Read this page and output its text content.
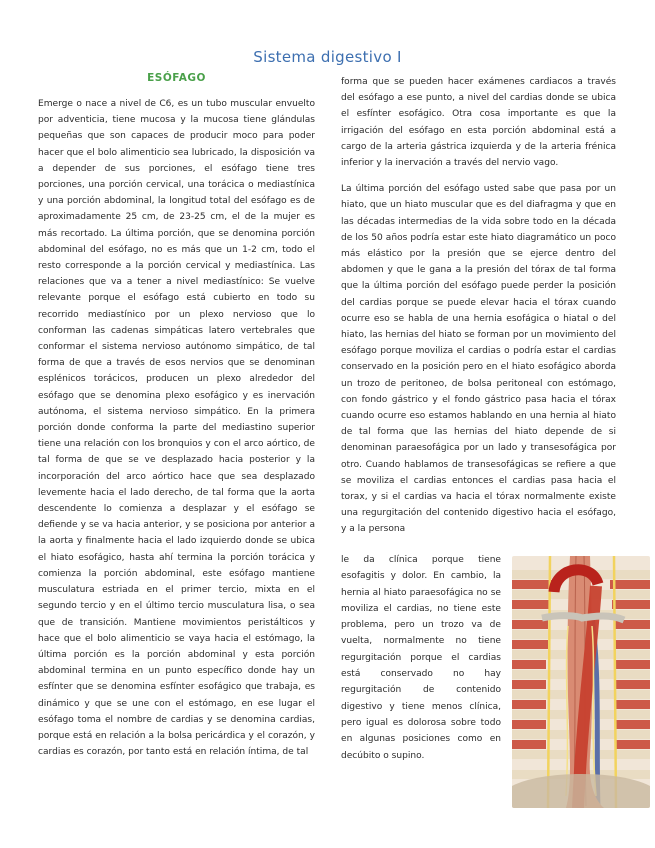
Sistema digestivo I
ESÓFAGO

Emerge o nace a nivel de C6, es un tubo muscular envuelto por adventicia, tiene mucosa y la mucosa tiene glándulas pequeñas que son capaces de producir moco para poder hacer que el bolo alimenticio sea lubricado, la disposición va a depender de sus porciones, el esófago tiene tres porciones, una porción cervical, una torácica o mediastínica y una porción abdominal, la longitud total del esófago es de aproximadamente 25 cm, de 23-25 cm, el de la mujer es más recortado. La última porción, que se denomina porción abdominal del esófago, no es más que un 1-2 cm, todo el resto corresponde a la porción cervical y mediastínica. Las relaciones que va a tener a nivel mediastínico: Se vuelve relevante porque el esófago está cubierto en todo su recorrido mediastínico por un plexo nervioso que lo conforman las cadenas simpáticas latero vertebrales que conformar el sistema nervioso autónomo simpático, de tal forma de que a través de esos nervios que se denominan esplénicos torácicos, producen un plexo alrededor del esófago que se denomina plexo esofágico y es inervación autónoma, el sistema nervioso simpático. En la primera porción donde conforma la parte del mediastino superior tiene una relación con los bronquios y con el arco aórtico, de tal forma de que se ve desplazado hacia posterior y la incorporación del arco aórtico hace que sea desplazado levemente hacia el lado derecho, de tal forma que la aorta descendente lo comienza a desplazar y el esófago se defiende y se va hacia anterior, y se posiciona por anterior a la aorta y finalmente hacia el lado izquierdo donde se ubica el hiato esofágico, hasta ahí termina la porción torácica y comienza la porción abdominal, este esófago mantiene musculatura estriada en el primer tercio, mixta en el segundo tercio y en el último tercio musculatura lisa, o sea que de transición. Mantiene movimientos peristálticos y hace que el bolo alimenticio se vaya hacia el estómago, la última porción es la porción abdominal y esta porción abdominal termina en un punto específico donde hay un esfínter que se denomina esfínter esofágico que trabaja, es dinámico y que se une con el estómago, en ese lugar el esófago toma el nombre de cardias y se denomina cardias, porque está en relación a la bolsa pericárdica y el corazón, y cardias es corazón, por tanto está en relación íntima, de tal

forma que se pueden hacer exámenes cardiacos a través del esófago a ese punto, a nivel del cardias donde se ubica el esfínter esofágico. Otra cosa importante es que la irrigación del esófago en esta porción abdominal está a cargo de la arteria gástrica izquierda y de la arteria frénica inferior y la inervación a través del nervio vago.

La última porción del esófago usted sabe que pasa por un hiato, que un hiato muscular que es del diafragma y que en las décadas intermedias de la vida sobre todo en la década de los 50 años podría estar este hiato diagramático un poco más elástico por la presión que se ejerce dentro del abdomen y que le gana a la presión del tórax de tal forma que la última porción del esófago puede perder la posición del cardias porque se puede elevar hacia el tórax cuando ocurre eso se habla de una hernia esofágica o hiatal o del hiato, las hernias del hiato se forman por un movimiento del esófago porque moviliza el cardias o podría estar el cardias conservado en la posición pero en el hiato esofágico aborda un trozo de peritoneo, de bolsa peritoneal con estómago, con fondo gástrico y el fondo gástrico pasa hacia el tórax cuando ocurre eso estamos hablando en una hernia al hiato de tal forma que las hernias del hiato depende de si denominan paraesofágica por un lado y transesofágica por otro. Cuando hablamos de transesofágicas se refiere a que se moviliza el cardias entonces el cardias pasa hacia el torax, y si el cardias va hacia el tórax normalmente existe una regurgitación del contenido digestivo hacia el esófago, y a la persona

le da clínica porque tiene esofagitis y dolor. En cambio, la hernia al hiato paraesofágica no se moviliza el cardias, no tiene este problema, pero un trozo va de vuelta, normalmente no tiene regurgitación porque el cardias está conservado no hay regurgitación de contenido digestivo y tiene menos clínica, pero igual es dolorosa sobre todo en algunas posiciones como en decúbito o supino.
